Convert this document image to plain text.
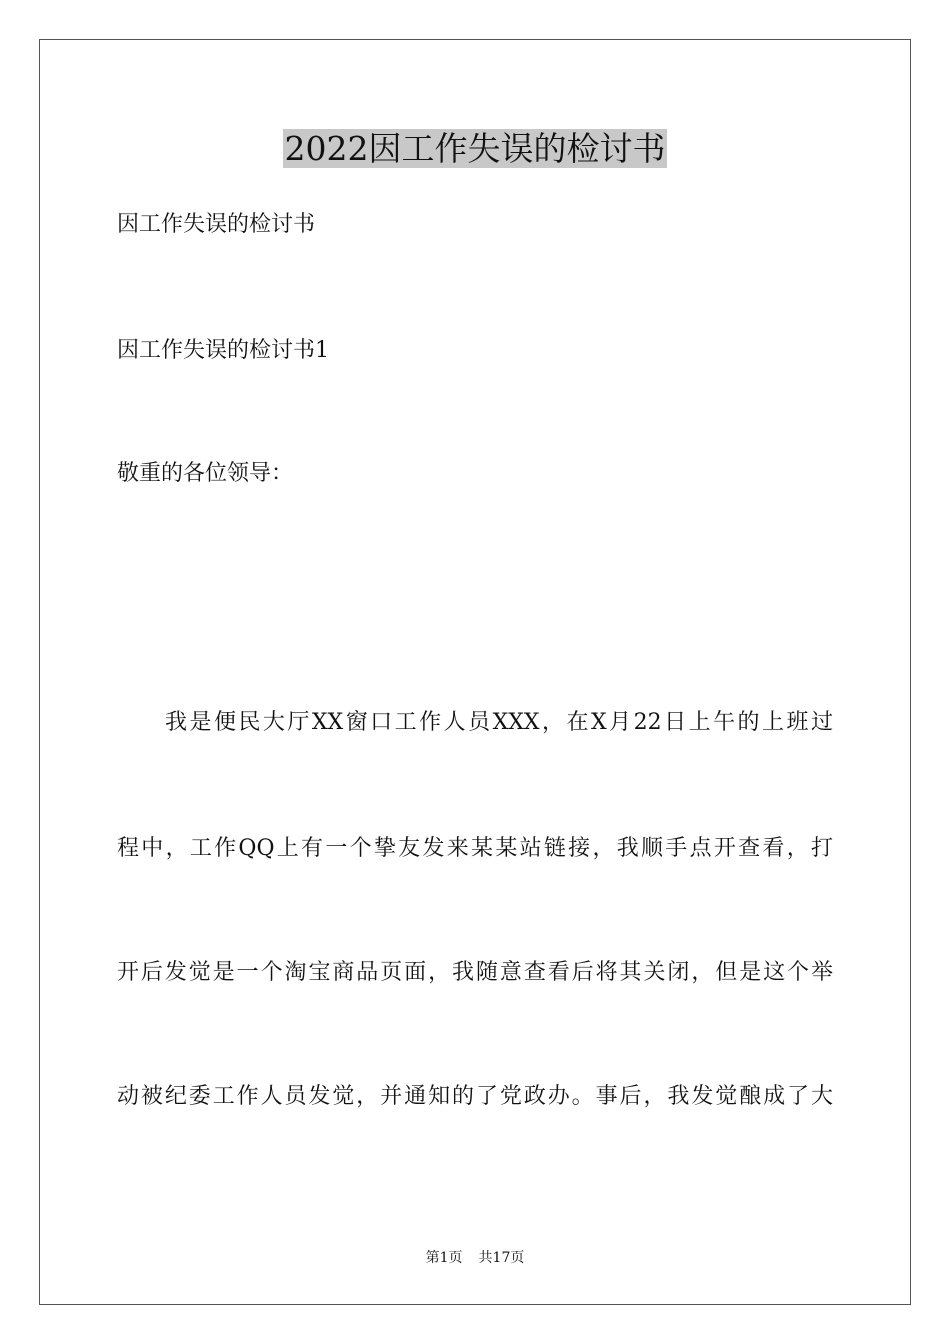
2022因工作失误的检讨书

因工作失误的检讨书

因工作失误的检讨书1

敬重的各位领导：

我是便民大厅XX窗口工作人员XXX，在X月22日上午的上班过

程中，工作QQ上有一个挚友发来某某站链接，我顺手点开查看，打

开后发觉是一个淘宝商品页面，我随意查看后将其关闭，但是这个举

动被纪委工作人员发觉，并通知的了党政办。事后，我发觉酿成了大

第1页 共17页
